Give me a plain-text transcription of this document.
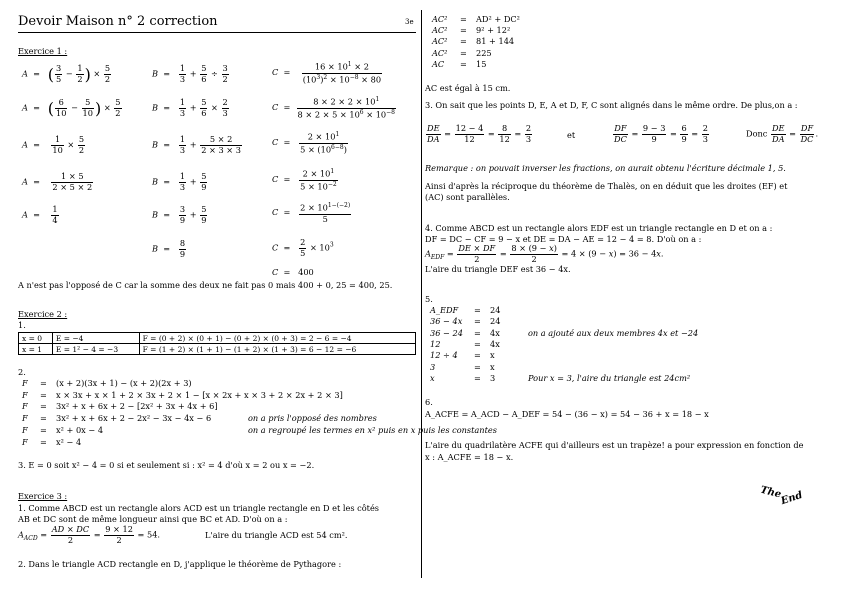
Devoir Maison n° 2 correction	3e
Exercice 1 :
A  =   ( $\frac{3}{5} - \frac{1}{2}$ ) × $\frac{5}{2}$
A  =   ( $\frac{6}{10} - \frac{5}{10}$ ) × $\frac{5}{2}$
$A = \frac{1}{10} \times \frac{5}{2}$
$A = \frac{1 \times 5}{2 \times 5 \times 2}$
$A = \frac{1}{4}$
$B = \frac{1}{3} + \frac{5}{6} \div \frac{3}{2}$
$B = \frac{1}{3} + \frac{5}{6} \times \frac{2}{3}$
$B = \frac{1}{3} + \frac{5 \times 2}{2 \times 3 \times 3}$
$B = \frac{1}{3} + \frac{5}{9}$
$B = \frac{3}{9} + \frac{5}{9}$
$B = \frac{8}{9}$
$C = \frac{16 \times 10^1 \times 2}{(10^3)^2 \times 10^{-8} \times 80}$
$C = \frac{8 \times 2 \times 2 \times 10^1}{8 \times 2 \times 5 \times 10^6 \times 10^{-8}}$
$C = \frac{2 \times 10^1}{5 \times (10^{6-8})}$
$C = \frac{2 \times 10^1}{5 \times 10^{-2}}$
$C = \frac{2 \times 10^{1-(-2)}}{5}$
$C = \frac{2}{5} \times 10^3$
C  =   400
A n'est pas l'opposé de C car la somme des deux ne fait pas 0 mais 400 + 0, 25 = 400, 25.
Exercice 2 :
1.
x = 0	E = −4	F = (0 + 2) × (0 + 1) − (0 + 2) × (0 + 3) = 2 − 6 = −4
x = 1	E = 1² − 4 = −3	F = (1 + 2) × (1 + 1) − (1 + 2) × (1 + 3) = 6 − 12 = −6
2.
F = (x + 2)(3x + 1) − (x + 2)(2x + 3)
F = x × 3x + x × 1 + 2 × 3x + 2 × 1 − [x × 2x + x × 3 + 2 × 2x + 2 × 3]
F = 3x² + x + 6x + 2 − [2x² + 3x + 4x + 6]
F = 3x² + x + 6x + 2 − 2x² − 3x − 4x − 6	on a pris l'opposé des nombres
F = x² + 0x − 4	on a regroupé les termes en x² puis en x puis les constantes
F = x² − 4
3. E = 0 soit x² − 4 = 0 si et seulement si : x² = 4 d'où x = 2 ou x = −2.
Exercice 3 :
1. Comme ABCD est un rectangle alors ACD est un triangle rectangle en D et les côtés
AB et DC sont de même longueur ainsi que BC et AD. D'où on a :
$A_{ACD} = \frac{AD \times DC}{2} = \frac{9 \times 12}{2} = 54$.	L'aire du triangle ACD est 54 cm².
2. Dans le triangle ACD rectangle en D, j'applique le théorème de Pythagore :
AC² = AD² + DC²
AC² = 9² + 12²
AC² = 81 + 144
AC² = 225
AC = 15
AC est égal à 15 cm.
3. On sait que les points D, E, A et D, F, C sont alignés dans le même ordre. De plus,on a :
$\frac{DE}{DA} = \frac{12 - 4}{12} = \frac{8}{12} = \frac{2}{3}$	et	$\frac{DF}{DC} = \frac{9 - 3}{9} = \frac{6}{9} = \frac{2}{3}$	Donc $\frac{DE}{DA} = \frac{DF}{DC}$ .
Remarque : on pouvait inverser les fractions, on aurait obtenu l'écriture décimale 1, 5.
Ainsi d'après la réciproque du théorème de Thalès, on en déduit que les droites (EF) et
(AC) sont parallèles.
4. Comme ABCD est un rectangle alors EDF est un triangle rectangle en D et on a :
DF = DC − CF = 9 − x et DE = DA − AE = 12 − 4 = 8. D'où on a :
$A_{EDF} = \frac{DE \times DF}{2} = \frac{8 \times (9 - x)}{2} = 4 \times (9 - x) = 36 - 4x$.
L'aire du triangle DEF est 36 − 4x.
5.
A_EDF = 24
36 − 4x = 24
36 − 24 = 4x	on a ajouté aux deux membres 4x et −24
12	= 4x
12 ÷ 4 = x
3	= x
x	= 3	Pour x = 3, l'aire du triangle est 24cm²
6.
A_ACFE = A_ACD − A_DEF = 54 − (36 − x) = 54 − 36 + x = 18 − x
L'aire du quadrilatère ACFE qui d'ailleurs est un trapèze! a pour expression en fonction de
x : A_ACFE = 18 − x.
The
End
